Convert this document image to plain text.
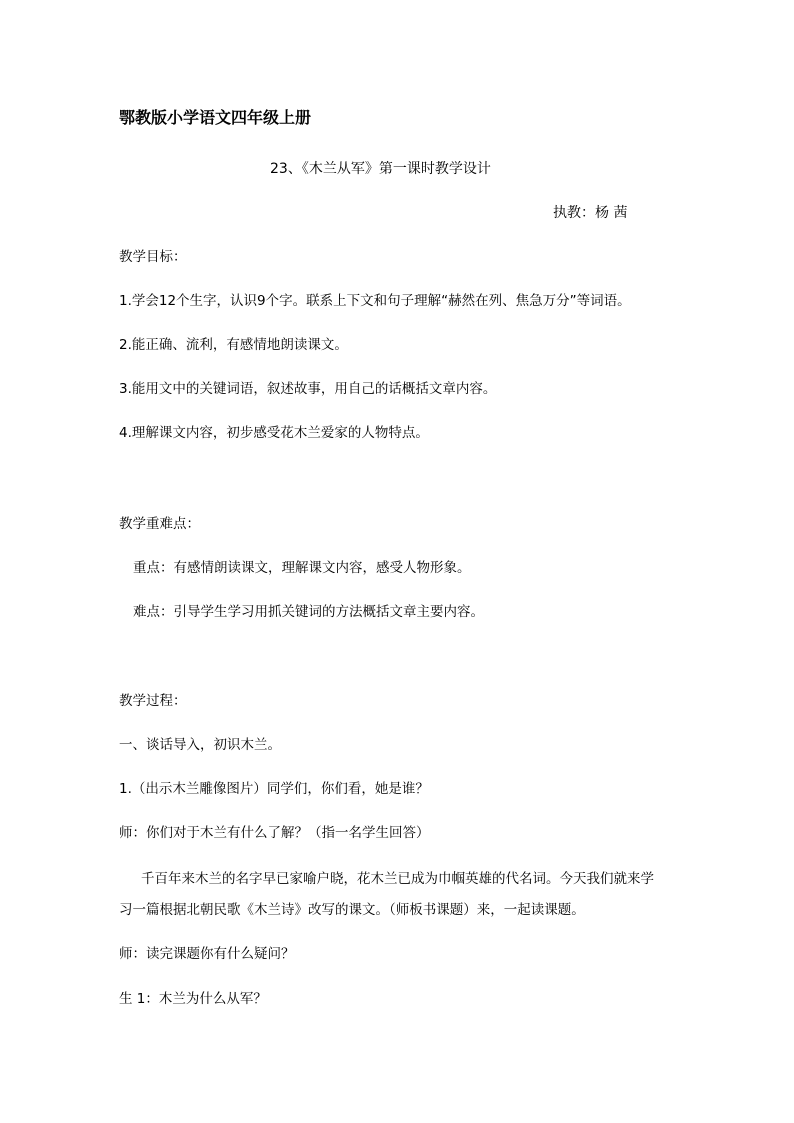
鄂教版小学语文四年级上册
23、《木兰从军》第一课时教学设计
执教：杨 茜
教学目标：
1.学会12个生字，认识9个字。联系上下文和句子理解“赫然在列、焦急万分”等词语。
2.能正确、流利，有感情地朗读课文。
3.能用文中的关键词语，叙述故事，用自己的话概括文章内容。
4.理解课文内容，初步感受花木兰爱家的人物特点。
教学重难点：
重点：有感情朗读课文，理解课文内容，感受人物形象。
难点：引导学生学习用抓关键词的方法概括文章主要内容。
教学过程：
一、谈话导入，初识木兰。
1.（出示木兰雕像图片）同学们，你们看，她是谁？
师：你们对于木兰有什么了解？（指一名学生回答）
千百年来木兰的名字早已家喻户晓，花木兰已成为巾帼英雄的代名词。今天我们就来学
习一篇根据北朝民歌《木兰诗》改写的课文。（师板书课题）来，一起读课题。
师：读完课题你有什么疑问？
生 1：木兰为什么从军？
